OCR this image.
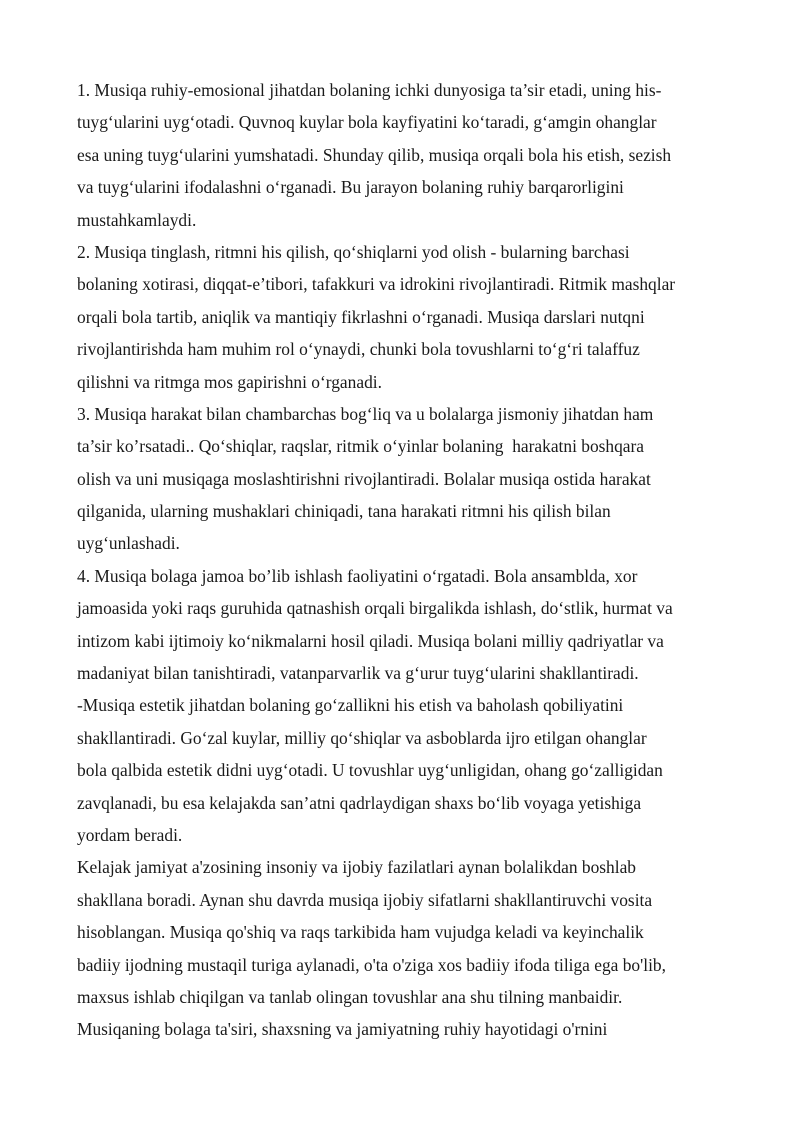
1. Musiqa ruhiy-emosional jihatdan bolaning ichki dunyosiga ta’sir etadi, uning his-
tuyg‘ularini uyg‘otadi. Quvnoq kuylar bola kayfiyatini ko‘taradi, g‘amgin ohanglar
esa uning tuyg‘ularini yumshatadi. Shunday qilib, musiqa orqali bola his etish, sezish
va tuyg‘ularini ifodalashni o‘rganadi. Bu jarayon bolaning ruhiy barqarorligini
mustahkamlaydi.
2. Musiqa tinglash, ritmni his qilish, qo‘shiqlarni yod olish - bularning barchasi
bolaning xotirasi, diqqat-e’tibori, tafakkuri va idrokini rivojlantiradi. Ritmik mashqlar
orqali bola tartib, aniqlik va mantiqiy fikrlashni o‘rganadi. Musiqa darslari nutqni
rivojlantirishda ham muhim rol o‘ynaydi, chunki bola tovushlarni to‘g‘ri talaffuz
qilishni va ritmga mos gapirishni o‘rganadi.
3. Musiqa harakat bilan chambarchas bog‘liq va u bolalarga jismoniy jihatdan ham
ta’sir ko’rsatadi.. Qo‘shiqlar, raqslar, ritmik o‘yinlar bolaning  harakatni boshqara
olish va uni musiqaga moslashtirishni rivojlantiradi. Bolalar musiqa ostida harakat
qilganida, ularning mushaklari chiniqadi, tana harakati ritmni his qilish bilan
uyg‘unlashadi.
4. Musiqa bolaga jamoa bo’lib ishlash faoliyatini o‘rgatadi. Bola ansamblda, xor
jamoasida yoki raqs guruhida qatnashish orqali birgalikda ishlash, do‘stlik, hurmat va
intizom kabi ijtimoiy ko‘nikmalarni hosil qiladi. Musiqa bolani milliy qadriyatlar va
madaniyat bilan tanishtiradi, vatanparvarlik va g‘urur tuyg‘ularini shakllantiradi.
-Musiqa estetik jihatdan bolaning go‘zallikni his etish va baholash qobiliyatini
shakllantiradi. Go‘zal kuylar, milliy qo‘shiqlar va asboblarda ijro etilgan ohanglar
bola qalbida estetik didni uyg‘otadi. U tovushlar uyg‘unligidan, ohang go‘zalligidan
zavqlanadi, bu esa kelajakda san’atni qadrlaydigan shaxs bo‘lib voyaga yetishiga
yordam beradi.
Kelajak jamiyat a'zosining insoniy va ijobiy fazilatlari aynan bolalikdan boshlab
shakllana boradi. Aynan shu davrda musiqa ijobiy sifatlarni shakllantiruvchi vosita
hisoblangan. Musiqa qo'shiq va raqs tarkibida ham vujudga keladi va keyinchalik
badiiy ijodning mustaqil turiga aylanadi, o'ta o'ziga xos badiiy ifoda tiliga ega bo'lib,
maxsus ishlab chiqilgan va tanlab olingan tovushlar ana shu tilning manbaidir.
Musiqaning bolaga ta'siri, shaxsning va jamiyatning ruhiy hayotidagi o'rnini
